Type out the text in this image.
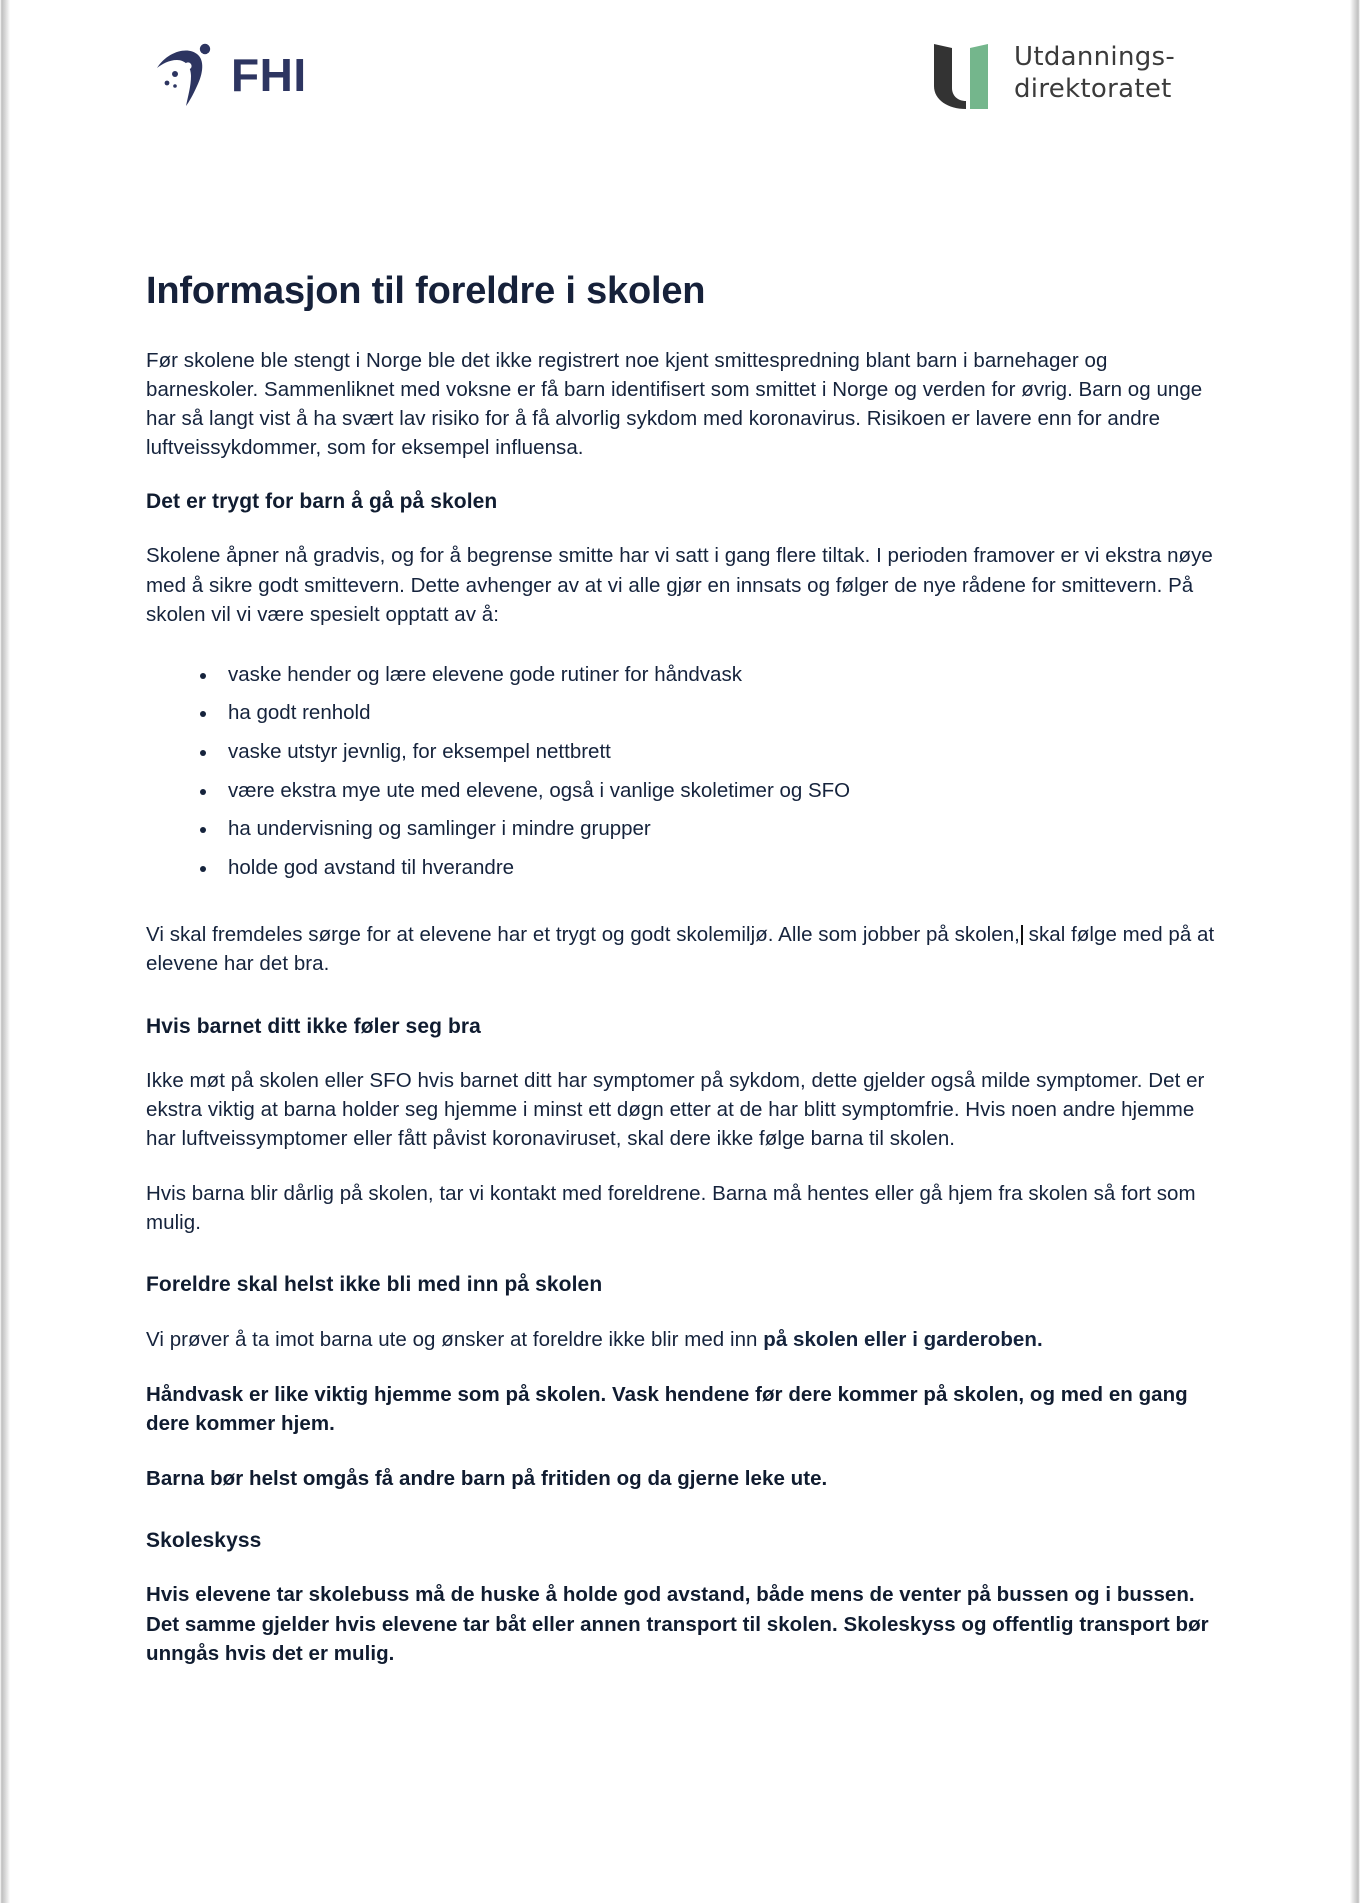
FHI	Utdannings-
direktoratet
Informasjon til foreldre i skolen

Før skolene ble stengt i Norge ble det ikke registrert noe kjent smittespredning blant barn i barnehager og barneskoler. Sammenliknet med voksne er få barn identifisert som smittet i Norge og verden for øvrig. Barn og unge har så langt vist å ha svært lav risiko for å få alvorlig sykdom med koronavirus. Risikoen er lavere enn for andre luftveissykdommer, som for eksempel influensa.

Det er trygt for barn å gå på skolen

Skolene åpner nå gradvis, og for å begrense smitte har vi satt i gang flere tiltak. I perioden framover er vi ekstra nøye med å sikre godt smittevern. Dette avhenger av at vi alle gjør en innsats og følger de nye rådene for smittevern. På skolen vil vi være spesielt opptatt av å:

vaske hender og lære elevene gode rutiner for håndvask
ha godt renhold
vaske utstyr jevnlig, for eksempel nettbrett
være ekstra mye ute med elevene, også i vanlige skoletimer og SFO
ha undervisning og samlinger i mindre grupper
holde god avstand til hverandre

Vi skal fremdeles sørge for at elevene har et trygt og godt skolemiljø. Alle som jobber på skolen, skal følge med på at elevene har det bra.

Hvis barnet ditt ikke føler seg bra

Ikke møt på skolen eller SFO hvis barnet ditt har symptomer på sykdom, dette gjelder også milde symptomer. Det er ekstra viktig at barna holder seg hjemme i minst ett døgn etter at de har blitt symptomfrie. Hvis noen andre hjemme har luftveissymptomer eller fått påvist koronaviruset, skal dere ikke følge barna til skolen.

Hvis barna blir dårlig på skolen, tar vi kontakt med foreldrene. Barna må hentes eller gå hjem fra skolen så fort som mulig.

Foreldre skal helst ikke bli med inn på skolen

Vi prøver å ta imot barna ute og ønsker at foreldre ikke blir med inn på skolen eller i garderoben.

Håndvask er like viktig hjemme som på skolen. Vask hendene før dere kommer på skolen, og med en gang dere kommer hjem.

Barna bør helst omgås få andre barn på fritiden og da gjerne leke ute.

Skoleskyss

Hvis elevene tar skolebuss må de huske å holde god avstand, både mens de venter på bussen og i bussen. Det samme gjelder hvis elevene tar båt eller annen transport til skolen. Skoleskyss og offentlig transport bør unngås hvis det er mulig.
